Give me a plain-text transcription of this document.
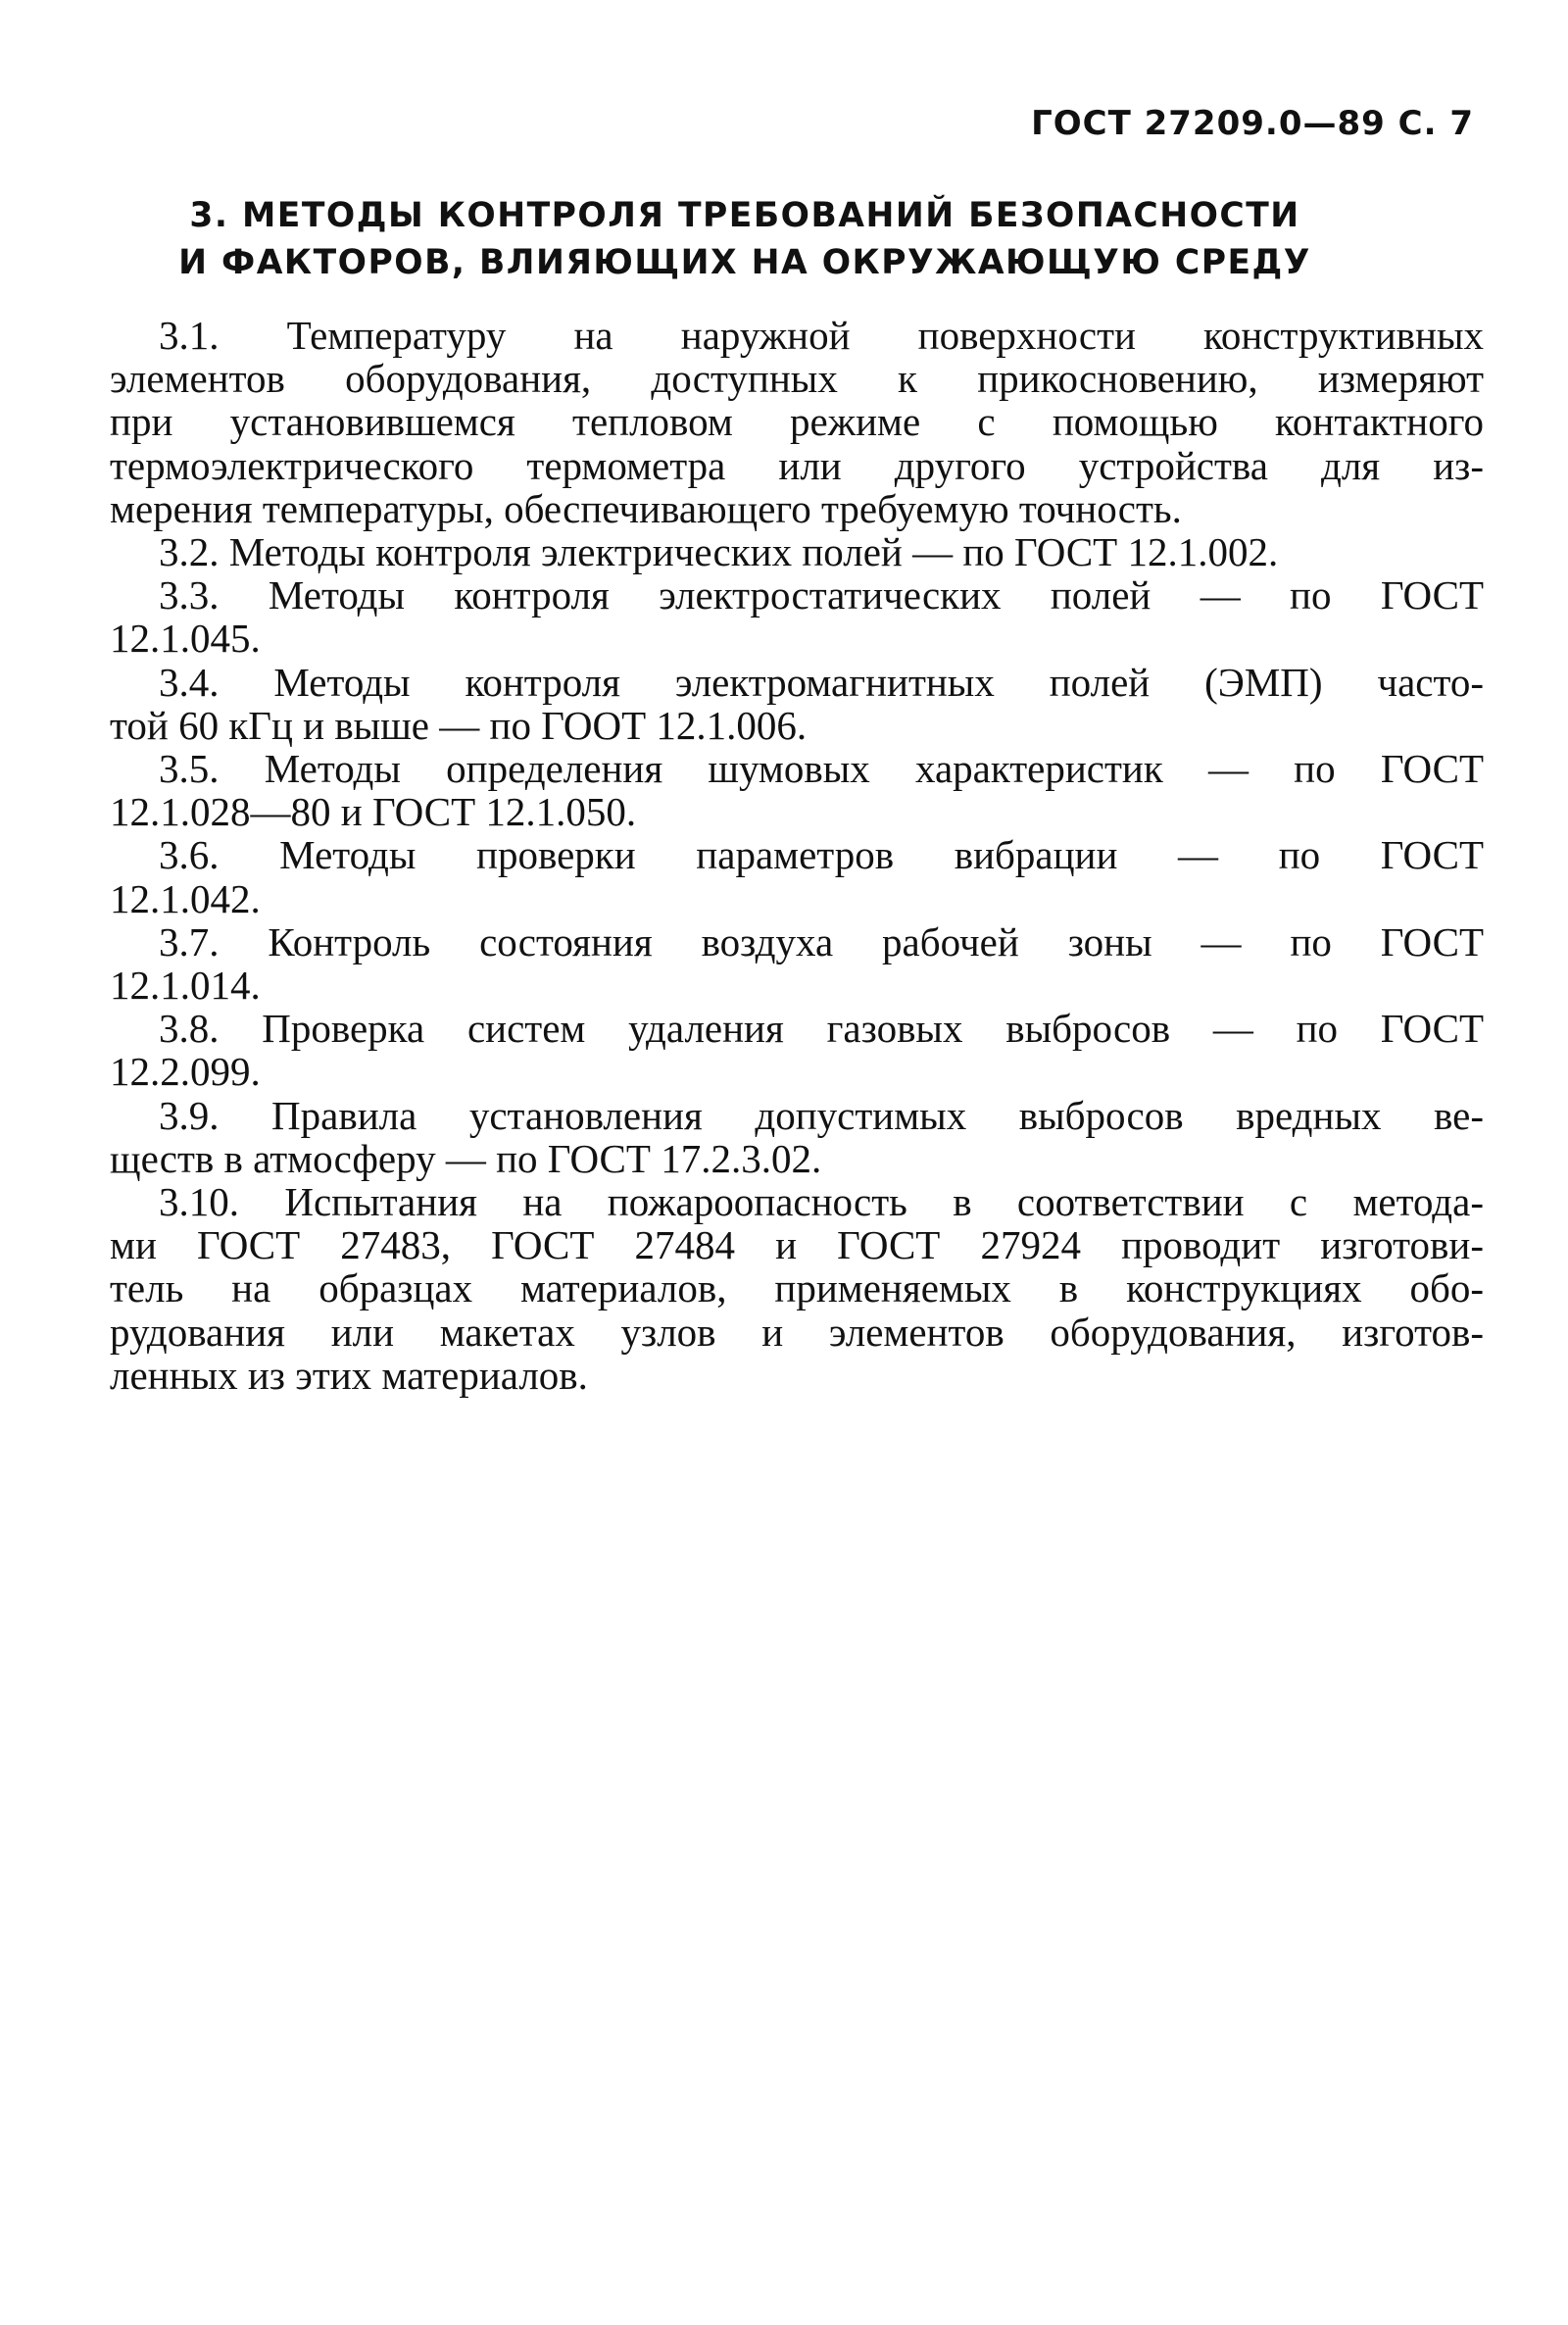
ГОСТ 27209.0—89 С. 7
3. МЕТОДЫ КОНТРОЛЯ ТРЕБОВАНИЙ БЕЗОПАСНОСТИ
И ФАКТОРОВ, ВЛИЯЮЩИХ НА ОКРУЖАЮЩУЮ СРЕДУ
3.1. Температуру на наружной поверхности конструктивных
элементов оборудования, доступных к прикосновению, измеряют
при установившемся тепловом режиме с помощью контактного
термоэлектрического термометра или другого устройства для из-
мерения температуры, обеспечивающего требуемую точность.
3.2. Методы контроля электрических полей — по ГОСТ 12.1.002.
3.3. Методы контроля электростатических полей — по ГОСТ
12.1.045.
3.4. Методы контроля электромагнитных полей (ЭМП) часто-
той 60 кГц и выше — по ГООТ 12.1.006.
3.5. Методы определения шумовых характеристик — по ГОСТ
12.1.028—80 и ГОСТ 12.1.050.
3.6. Методы проверки параметров вибрации — по ГОСТ
12.1.042.
3.7. Контроль состояния воздуха рабочей зоны — по ГОСТ
12.1.014.
3.8. Проверка систем удаления газовых выбросов — по ГОСТ
12.2.099.
3.9. Правила установления допустимых выбросов вредных ве-
ществ в атмосферу — по ГОСТ 17.2.3.02.
3.10. Испытания на пожароопасность в соответствии с метода-
ми ГОСТ 27483, ГОСТ 27484 и ГОСТ 27924 проводит изготови-
тель на образцах материалов, применяемых в конструкциях обо-
рудования или макетах узлов и элементов оборудования, изготов-
ленных из этих материалов.
